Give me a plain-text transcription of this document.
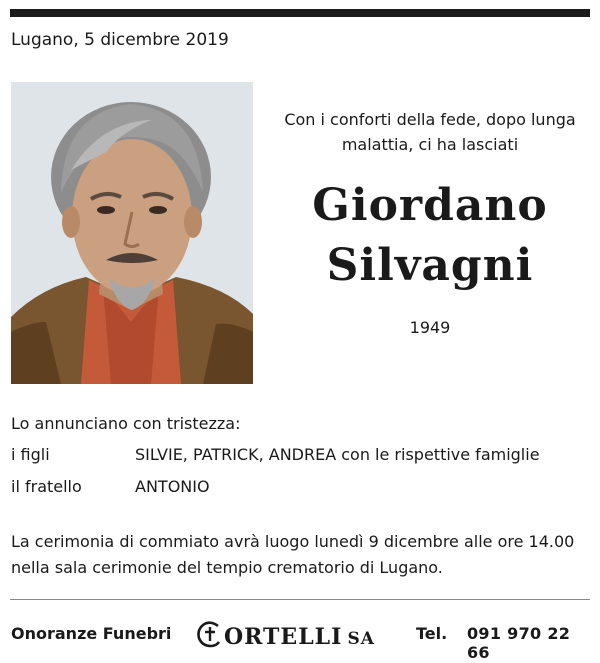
Lugano, 5 dicembre 2019
Con i conforti della fede, dopo lunga malattia, ci ha lasciati
Giordano
Silvagni
1949
Lo annunciano con tristezza:
i figli	SILVIE, PATRICK, ANDREA con le rispettive famiglie
il fratello	ANTONIO
La cerimonia di commiato avrà luogo lunedì 9 dicembre alle ore 14.00 nella sala cerimonie del tempio crematorio di Lugano.
Onoranze Funebri	ORTELLI SA	Tel. 091 970 22 66
